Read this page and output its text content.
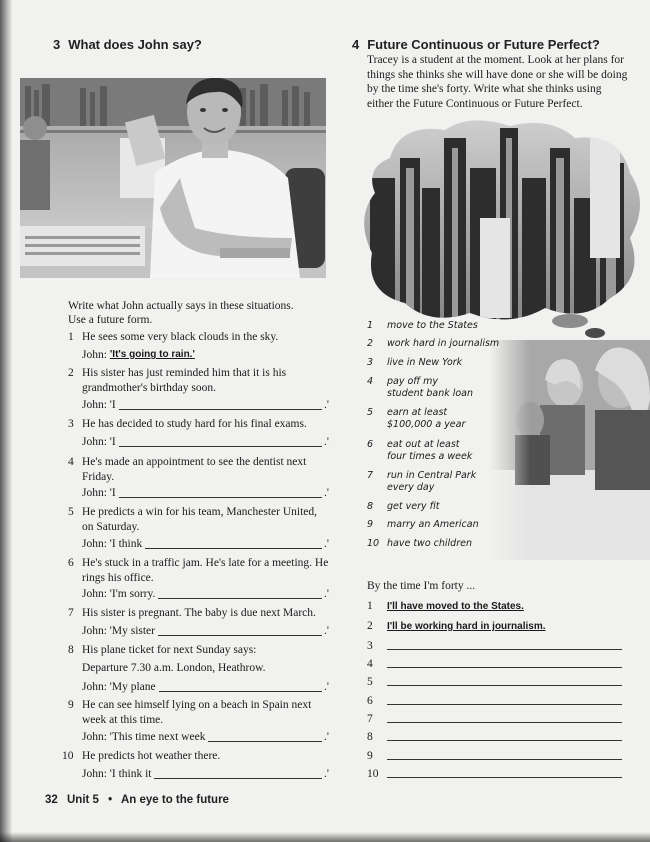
3 What does John say?
Write what John actually says in these situations.
Use a future form.
1 He sees some very black clouds in the sky.
John: 'It's going to rain.'
2 His sister has just reminded him that it is his grandmother's birthday soon.
John: 'I	.'
3 He has decided to study hard for his final exams.
John: 'I	.'
4 He's made an appointment to see the dentist next Friday.
John: 'I	.'
5 He predicts a win for his team, Manchester United, on Saturday.
John: 'I think	.'
6 He's stuck in a traffic jam. He's late for a meeting. He rings his office.
John: 'I'm sorry.	.'
7 His sister is pregnant. The baby is due next March.
John: 'My sister	.'
8 His plane ticket for next Sunday says:
Departure 7.30 a.m. London, Heathrow.
John: 'My plane	.'
9 He can see himself lying on a beach in Spain next week at this time.
John: 'This time next week	.'
10 He predicts hot weather there.
John: 'I think it	.'
4 Future Continuous or Future Perfect?
Tracey is a student at the moment. Look at her plans for things she thinks she will have done or she will be doing by the time she's forty. Write what she thinks using either the Future Continuous or Future Perfect.
1 move to the States
2 work hard in journalism
3 live in New York
4 pay off my student bank loan
5 earn at least $100,000 a year
6 eat out at least four times a week
7 run in Central Park every day
8 get very fit
9 marry an American
10 have two children
By the time I'm forty ...
1	I'll have moved to the States.
2	I'll be working hard in journalism.
3
4
5
6
7
8
9
10
32 Unit 5 • An eye to the future
